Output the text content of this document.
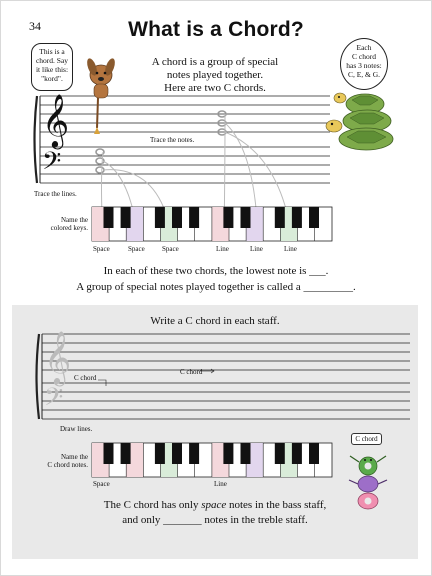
34	What is a Chord?
A chord is a group of special
notes played together.
Here are two C chords.
This is a
chord. Say
it like this:
"kord".
Each
C chord
has 3 notes:
C, E, & G.
𝄞
𝄢
𝄞
𝄢
Trace the notes.
Trace the lines.
Name the
colored keys.
Space	Space Space	Line	Line	Line
In each of these two chords, the lowest note is ___.
A group of special notes played together is called a _________.
Write a C chord in each staff.
C chord
C chord
Draw lines.
Name the
C chord notes.
Space	Line
C chord
The C chord has only space notes in the bass staff,
and only _______ notes in the treble staff.
